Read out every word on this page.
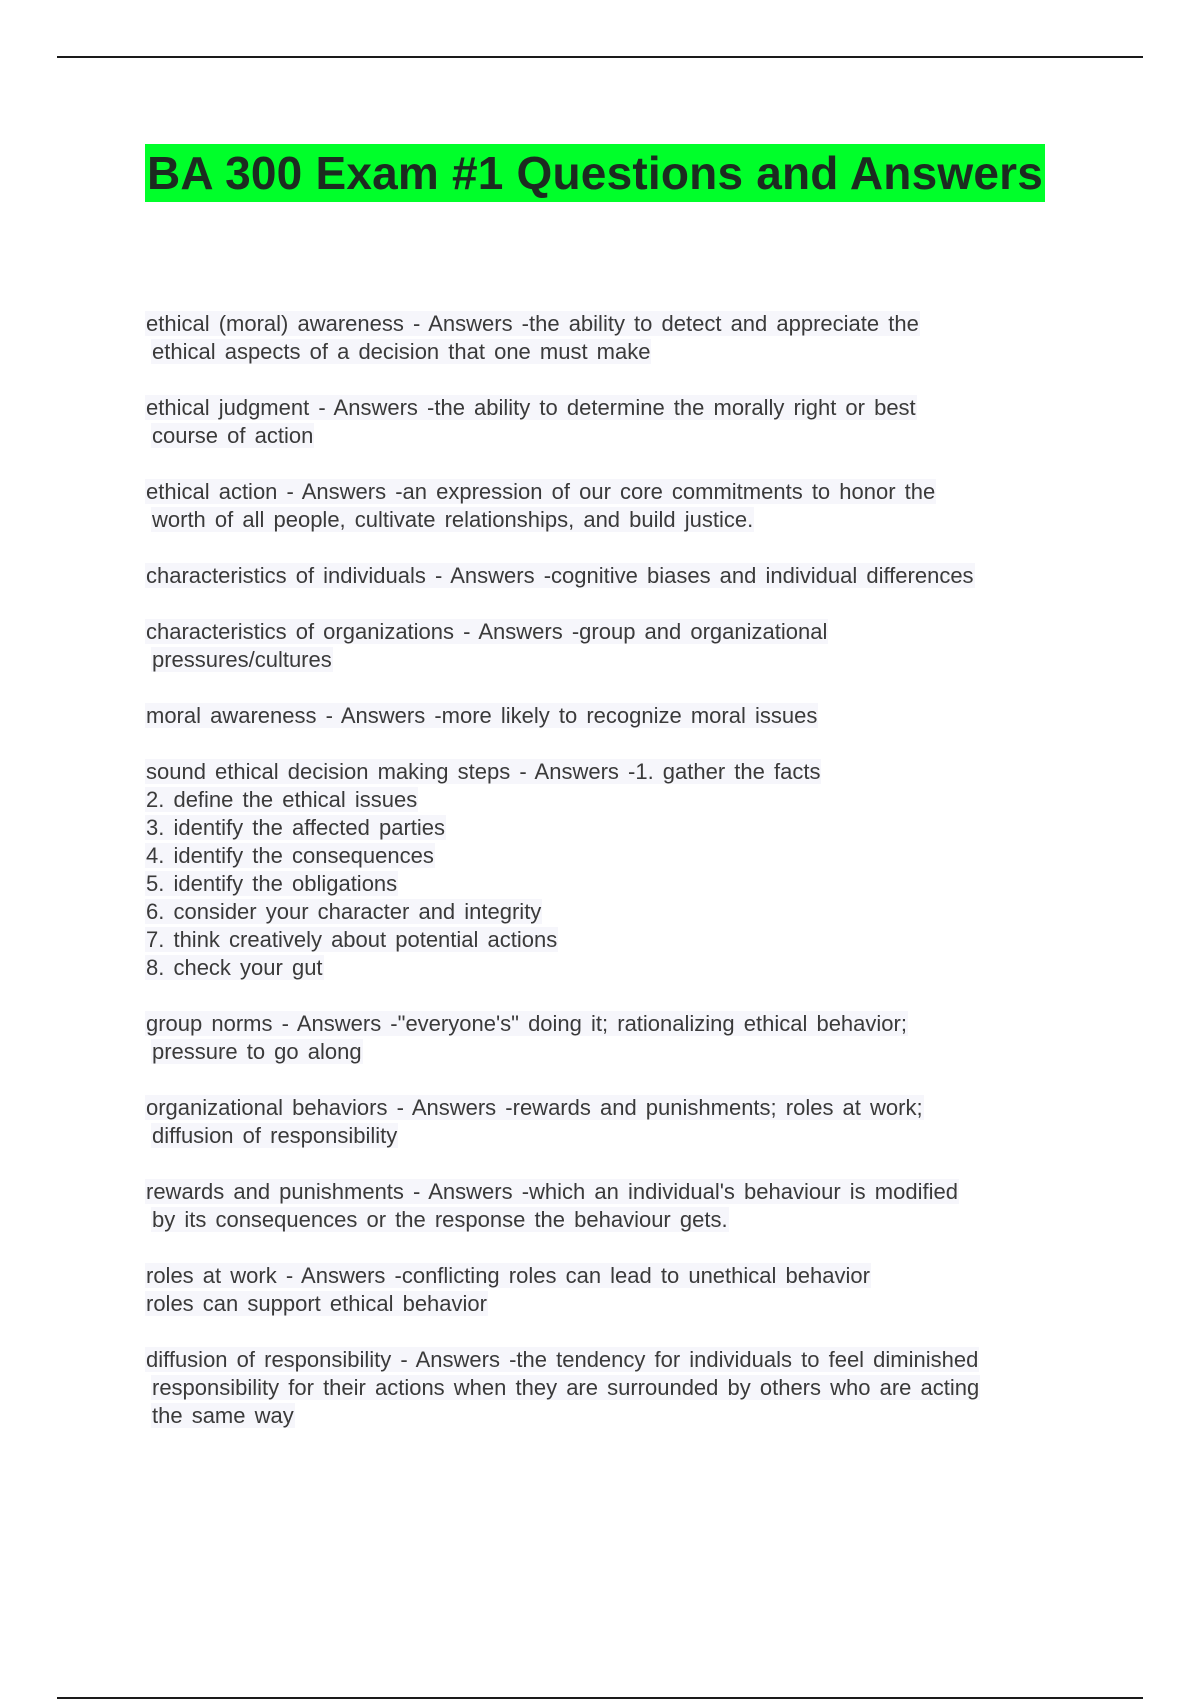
BA 300 Exam #1 Questions and Answers
ethical (moral) awareness - Answers -the ability to detect and appreciate the
ethical aspects of a decision that one must make
ethical judgment - Answers -the ability to determine the morally right or best
course of action
ethical action - Answers -an expression of our core commitments to honor the
worth of all people, cultivate relationships, and build justice.
characteristics of individuals - Answers -cognitive biases and individual differences
characteristics of organizations - Answers -group and organizational
pressures/cultures
moral awareness - Answers -more likely to recognize moral issues
sound ethical decision making steps - Answers -1. gather the facts
2. define the ethical issues
3. identify the affected parties
4. identify the consequences
5. identify the obligations
6. consider your character and integrity
7. think creatively about potential actions
8. check your gut
group norms - Answers -"everyone's" doing it; rationalizing ethical behavior;
pressure to go along
organizational behaviors - Answers -rewards and punishments; roles at work;
diffusion of responsibility
rewards and punishments - Answers -which an individual's behaviour is modified
by its consequences or the response the behaviour gets.
roles at work - Answers -conflicting roles can lead to unethical behavior
roles can support ethical behavior
diffusion of responsibility - Answers -the tendency for individuals to feel diminished
responsibility for their actions when they are surrounded by others who are acting
the same way
